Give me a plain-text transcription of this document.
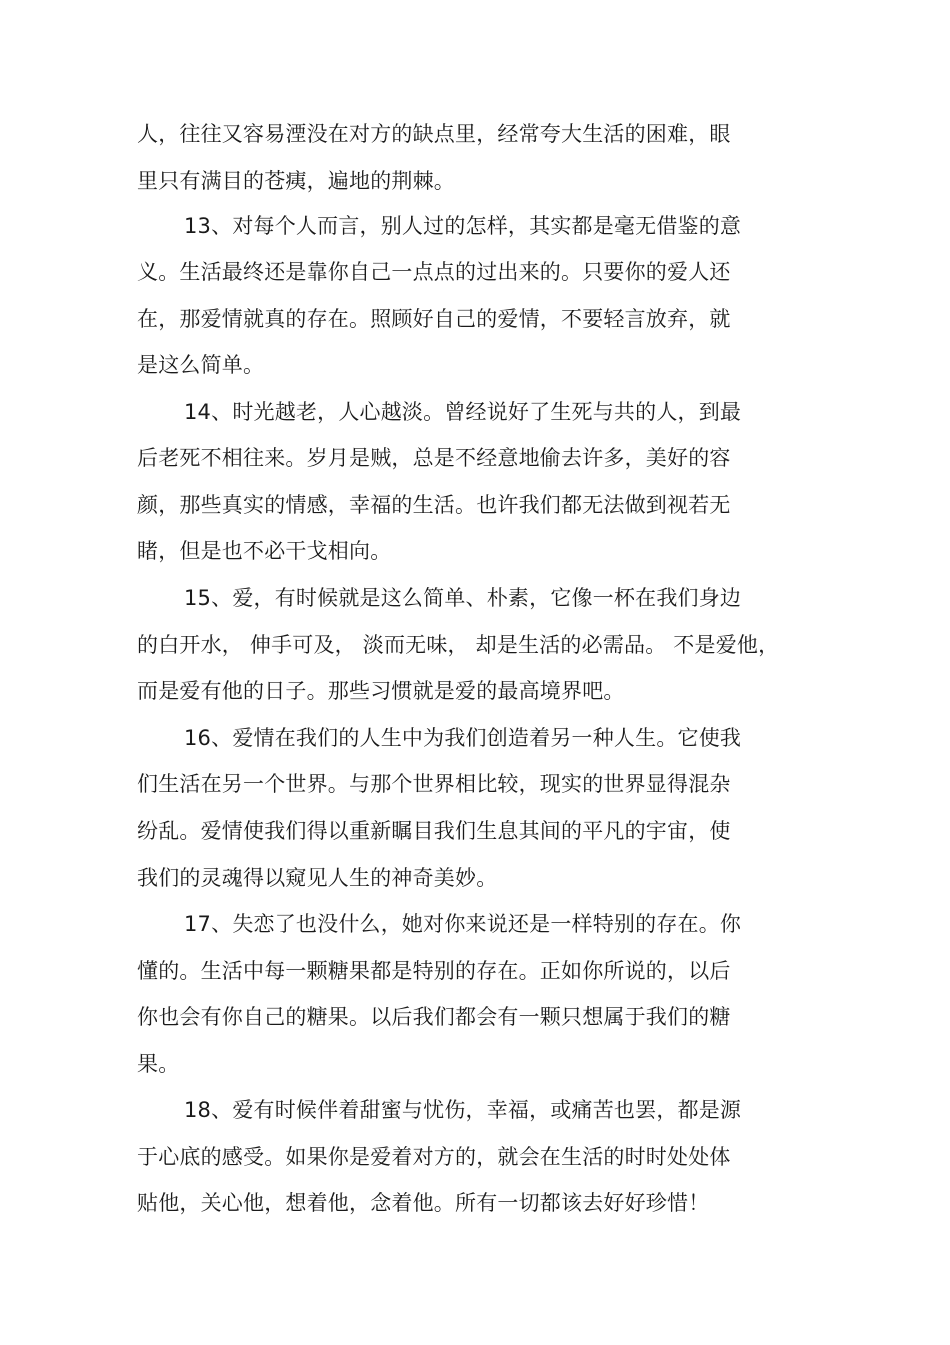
人，往往又容易湮没在对方的缺点里，经常夸大生活的困难，眼
里只有满目的苍痍，遍地的荆棘。
13、对每个人而言，别人过的怎样，其实都是毫无借鉴的意
义。生活最终还是靠你自己一点点的过出来的。只要你的爱人还
在，那爱情就真的存在。照顾好自己的爱情，不要轻言放弃，就
是这么简单。
14、时光越老，人心越淡。曾经说好了生死与共的人，到最
后老死不相往来。岁月是贼，总是不经意地偷去许多，美好的容
颜，那些真实的情感，幸福的生活。也许我们都无法做到视若无
睹，但是也不必干戈相向。
15、爱，有时候就是这么简单、朴素，它像一杯在我们身边
的白开水， 伸手可及， 淡而无味， 却是生活的必需品。 不是爱他，
而是爱有他的日子。那些习惯就是爱的最高境界吧。
16、爱情在我们的人生中为我们创造着另一种人生。它使我
们生活在另一个世界。与那个世界相比较，现实的世界显得混杂
纷乱。爱情使我们得以重新瞩目我们生息其间的平凡的宇宙，使
我们的灵魂得以窥见人生的神奇美妙。
17、失恋了也没什么，她对你来说还是一样特别的存在。你
懂的。生活中每一颗糖果都是特别的存在。正如你所说的，以后
你也会有你自己的糖果。以后我们都会有一颗只想属于我们的糖
果。
18、爱有时候伴着甜蜜与忧伤，幸福，或痛苦也罢，都是源
于心底的感受。如果你是爱着对方的，就会在生活的时时处处体
贴他，关心他，想着他，念着他。所有一切都该去好好珍惜！
